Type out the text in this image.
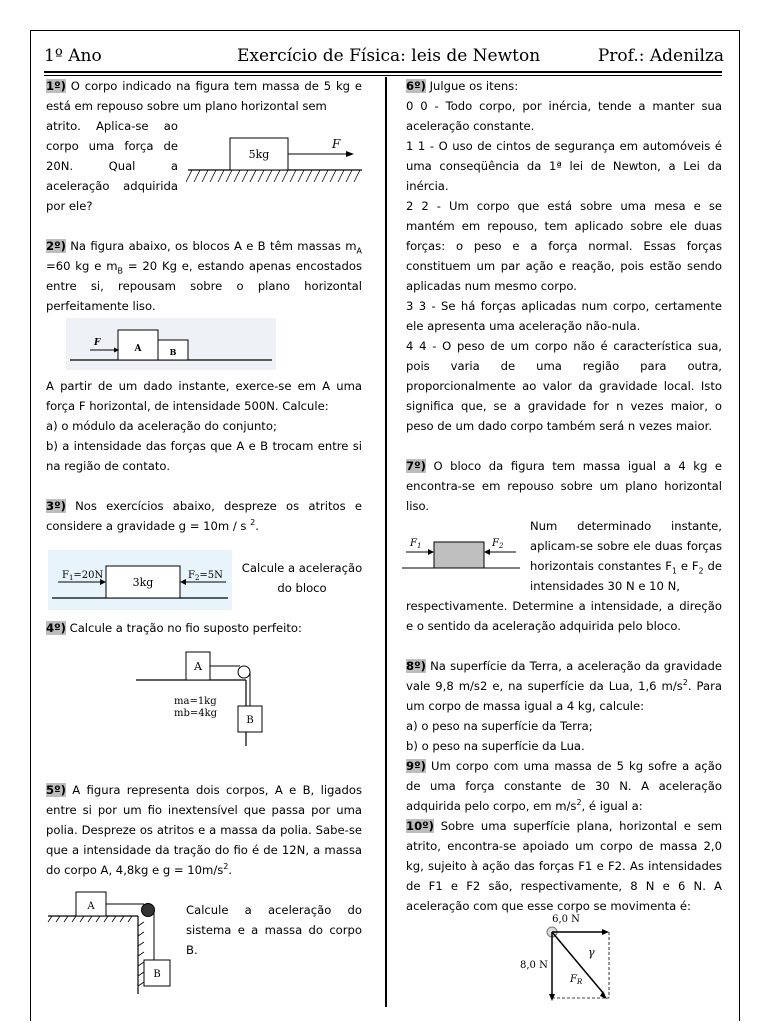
1º Ano	Exercício de Física: leis de Newton	Prof.: Adenilza

1º) O corpo indicado na figura tem massa de 5 kg e está em repouso sobre um plano horizontal sem

atrito. Aplica-se ao corpo uma força de 20N. Qual a aceleração adquirida por ele?

5kg
F

2º) Na figura abaixo, os blocos A e B têm massas $m_A =60$ kg e $m_B = 20$ Kg e, estando apenas encostados entre si, repousam sobre o plano horizontal perfeitamente liso.

A	B
F

A partir de um dado instante, exerce-se em A uma força F horizontal, de intensidade 500N. Calcule:

a) o módulo da aceleração do conjunto;

b) a intensidade das forças que A e B trocam entre si na região de contato.

3º) Nos exercícios abaixo, despreze os atritos e considere a gravidade g = 10m / s $^2$.

3kg
$F_1=20N$	$F_2=5N$
Calcule a aceleração
do bloco

4º) Calcule a tração no fio suposto perfeito:

A
B
ma=1kg
mb=4kg

5º) A figura representa dois corpos, A e B, ligados entre si por um fio inextensível que passa por uma polia. Despreze os atritos e a massa da polia. Sabe-se que a intensidade da tração do fio é de 12N, a massa do corpo A, 4,8kg e $g = 10m/s^2$.

A
B

Calcule a aceleração do sistema e a massa do corpo B.

6º) Julgue os itens:

0 0 - Todo corpo, por inércia, tende a manter sua aceleração constante.

1 1 - O uso de cintos de segurança em automóveis é uma conseqüência da 1ª lei de Newton, a Lei da inércia.

2 2 - Um corpo que está sobre uma mesa e se mantém em repouso, tem aplicado sobre ele duas forças: o peso e a força normal. Essas forças constituem um par ação e reação, pois estão sendo aplicadas num mesmo corpo.

3 3 - Se há forças aplicadas num corpo, certamente ele apresenta uma aceleração não-nula.

4 4 - O peso de um corpo não é característica sua, pois varia de uma região para outra, proporcionalmente ao valor da gravidade local. Isto significa que, se a gravidade for n vezes maior, o peso de um dado corpo também será n vezes maior.

7º) O bloco da figura tem massa igual a 4 kg e encontra-se em repouso sobre um plano horizontal liso.

$F_1$	$F_2$

Num determinado instante, aplicam-se sobre ele duas forças horizontais constantes $F_1$ e $F_2$ de intensidades 30 N e 10 N,

respectivamente. Determine a intensidade, a direção e o sentido da aceleração adquirida pelo bloco.

8º) Na superfície da Terra, a aceleração da gravidade vale 9,8 m/s2 e, na superfície da Lua, 1,6 $m/s^2$. Para um corpo de massa igual a 4 kg, calcule:

a) o peso na superfície da Terra;

b) o peso na superfície da Lua.

9º) Um corpo com uma massa de 5 kg sofre a ação de uma força constante de 30 N. A aceleração adquirida pelo corpo, em $m/s^2$, é igual a:

10º) Sobre uma superfície plana, horizontal e sem atrito, encontra-se apoiado um corpo de massa 2,0 kg, sujeito à ação das forças F1 e F2. As intensidades de F1 e F2 são, respectivamente, 8 N e 6 N. A aceleração com que esse corpo se movimenta é:

6,0 N
8,0 N
γ
$F_R$
